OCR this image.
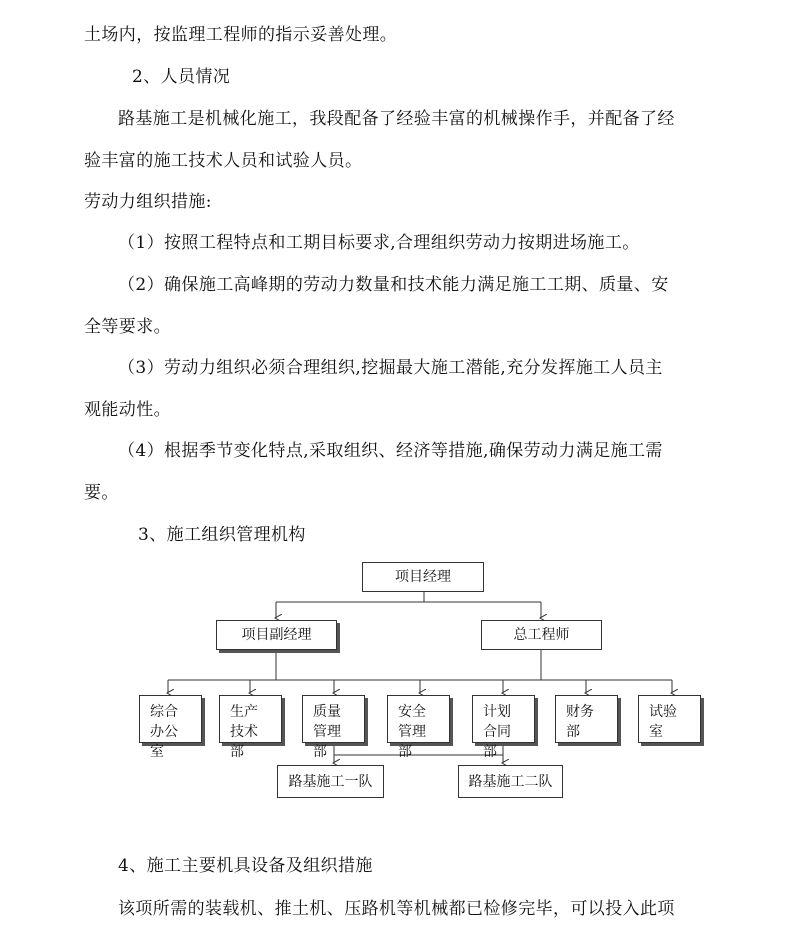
土场内，按监理工程师的指示妥善处理。
2、人员情况
路基施工是机械化施工，我段配备了经验丰富的机械操作手，并配备了经
验丰富的施工技术人员和试验人员。
劳动力组织措施:
（1）按照工程特点和工期目标要求,合理组织劳动力按期进场施工。
（2）确保施工高峰期的劳动力数量和技术能力满足施工工期、质量、安
全等要求。
（3）劳动力组织必须合理组织,挖掘最大施工潜能,充分发挥施工人员主
观能动性。
（4）根据季节变化特点,采取组织、经济等措施,确保劳动力满足施工需
要。
3、施工组织管理机构
项目经理
项目副经理	总工程师
综合办公室
生产技术部
质量管理部
安全管理部
计划合同部
财务部
试验室
路基施工一队	路基施工二队
4、施工主要机具设备及组织措施
该项所需的装载机、推土机、压路机等机械都已检修完毕，可以投入此项
